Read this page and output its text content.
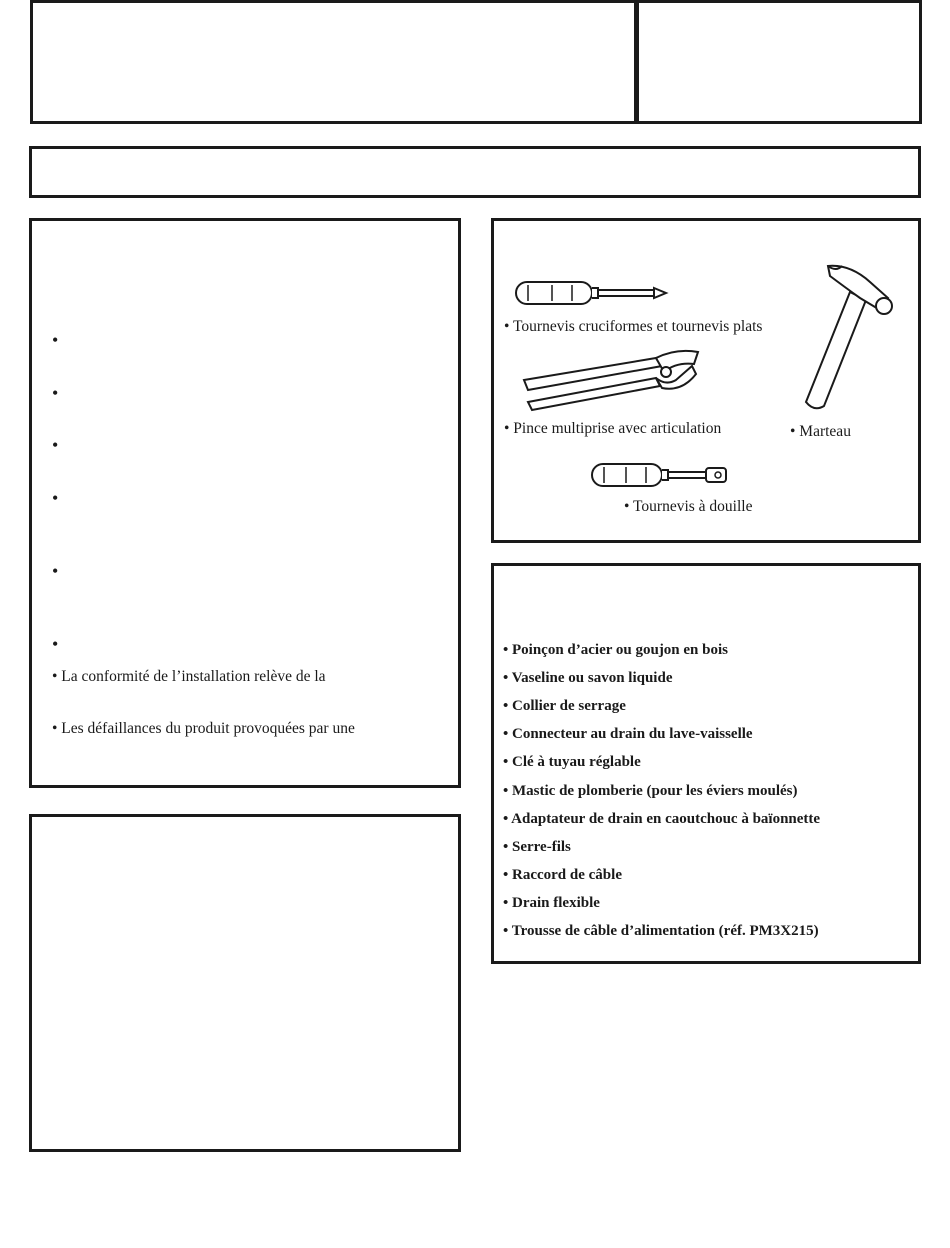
•
•
•
•
•
•
• La conformité de l’installation relève de la
• Les défaillances du produit provoquées par une
• Tournevis cruciformes et tournevis plats
• Pince multiprise avec articulation	• Marteau
• Tournevis à douille
• Poinçon d’acier ou goujon en bois
• Vaseline ou savon liquide
• Collier de serrage
• Connecteur au drain du lave-vaisselle
• Clé à tuyau réglable
• Mastic de plomberie (pour les éviers moulés)
• Adaptateur de drain en caoutchouc à baïonnette
• Serre-fils
• Raccord de câble
• Drain flexible
• Trousse de câble d’alimentation (réf. PM3X215)
